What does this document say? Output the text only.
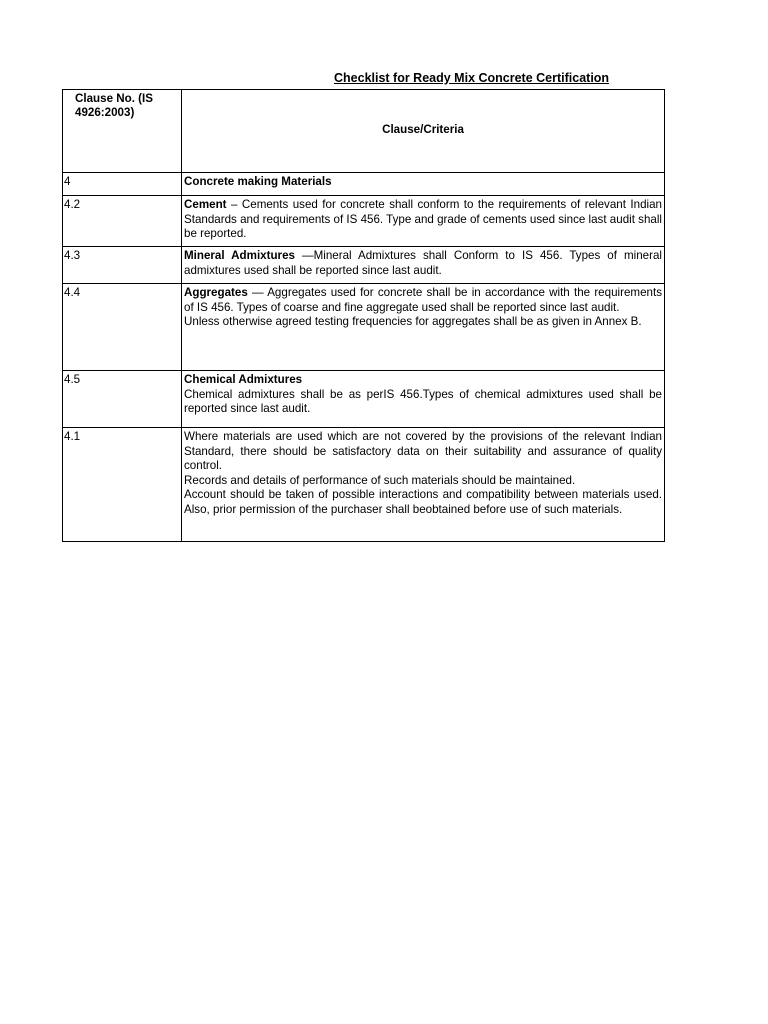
Checklist for Ready Mix Concrete Certification
Clause No. (IS 4926:2003)	Clause/Criteria
4	Concrete making Materials
4.2	Cement – Cements used for concrete shall conform to the requirements of relevant Indian Standards and requirements of IS 456. Type and grade of cements used since last audit shall be reported.
4.3	Mineral Admixtures —Mineral Admixtures shall Conform to IS 456. Types of mineral admixtures used shall be reported since last audit.
4.4	Aggregates — Aggregates used for concrete shall be in accordance with the requirements of IS 456. Types of coarse and fine aggregate used shall be reported since last audit.
Unless otherwise agreed testing frequencies for aggregates shall be as given in Annex B.

4.5	Chemical Admixtures
Chemical admixtures shall be as perIS 456.Types of chemical admixtures used shall be reported since last audit.
4.1	Where materials are used which are not covered by the provisions of the relevant Indian Standard, there should be satisfactory data on their suitability and assurance of quality control.
Records and details of performance of such materials should be maintained.
Account should be taken of possible interactions and compatibility between materials used. Also, prior permission of the purchaser shall beobtained before use of such materials.
